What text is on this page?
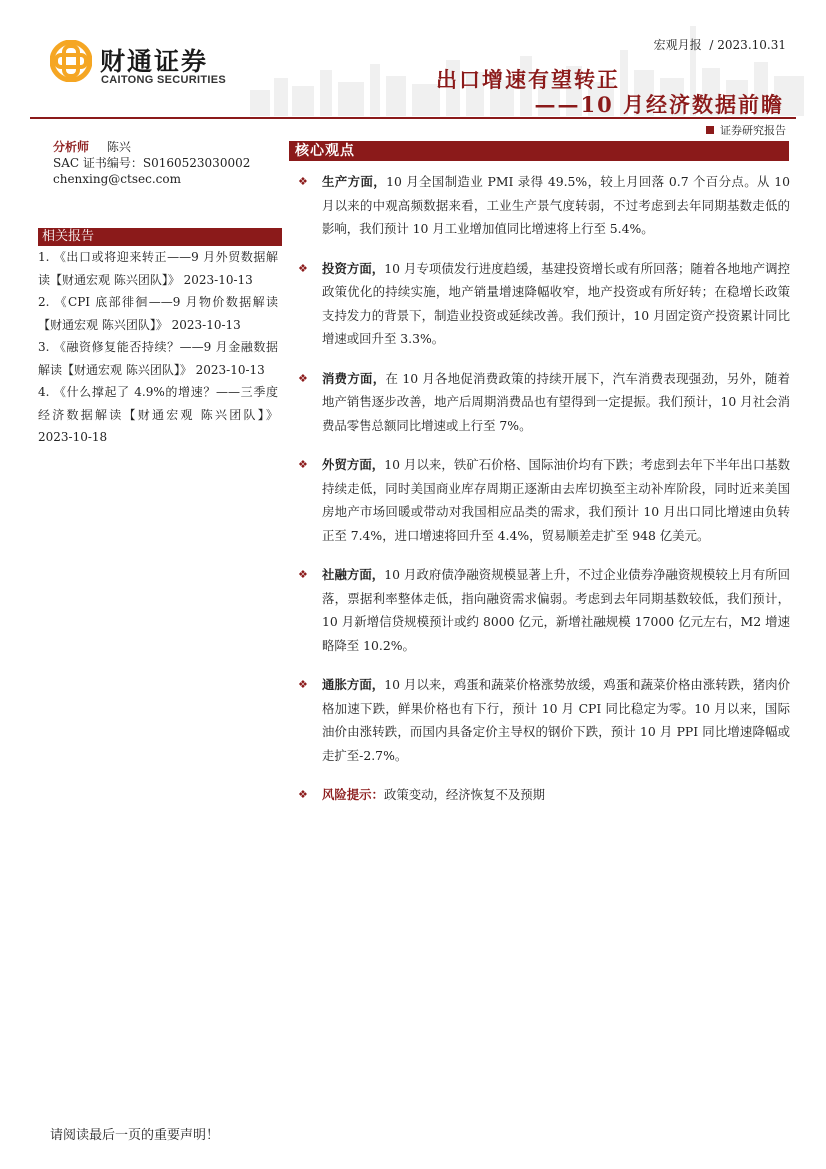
财通证券
CAITONG SECURITIES
宏观月报 / 2023.10.31
出口增速有望转正
——10 月经济数据前瞻
证券研究报告
分析师 陈兴
SAC 证书编号：S0160523030002
chenxing@ctsec.com
相关报告

1. 《出口或将迎来转正——9 月外贸数据解读【财通宏观 陈兴团队】》 2023-10-13

2. 《CPI 底部徘徊——9 月物价数据解读【财通宏观 陈兴团队】》 2023-10-13

3. 《融资修复能否持续？——9 月金融数据解读【财通宏观 陈兴团队】》 2023-10-13

4. 《什么撑起了 4.9%的增速？——三季度经济数据解读【财通宏观 陈兴团队】》 2023-10-18

核心观点
❖ 生产方面，10 月全国制造业 PMI 录得 49.5%，较上月回落 0.7 个百分点。从 10 月以来的中观高频数据来看，工业生产景气度转弱，不过考虑到去年同期基数走低的影响，我们预计 10 月工业增加值同比增速将上行至 5.4%。
❖ 投资方面，10 月专项债发行进度趋缓，基建投资增长或有所回落；随着各地地产调控政策优化的持续实施，地产销量增速降幅收窄，地产投资或有所好转；在稳增长政策支持发力的背景下，制造业投资或延续改善。我们预计，10 月固定资产投资累计同比增速或回升至 3.3%。
❖ 消费方面，在 10 月各地促消费政策的持续开展下，汽车消费表现强劲，另外，随着地产销售逐步改善，地产后周期消费品也有望得到一定提振。我们预计，10 月社会消费品零售总额同比增速或上行至 7%。
❖ 外贸方面，10 月以来，铁矿石价格、国际油价均有下跌；考虑到去年下半年出口基数持续走低，同时美国商业库存周期正逐渐由去库切换至主动补库阶段，同时近来美国房地产市场回暖或带动对我国相应品类的需求，我们预计 10 月出口同比增速由负转正至 7.4%，进口增速将回升至 4.4%，贸易顺差走扩至 948 亿美元。
❖ 社融方面，10 月政府债净融资规模显著上升，不过企业债券净融资规模较上月有所回落，票据利率整体走低，指向融资需求偏弱。考虑到去年同期基数较低，我们预计，10 月新增信贷规模预计或约 8000 亿元，新增社融规模 17000 亿元左右，M2 增速略降至 10.2%。
❖ 通胀方面，10 月以来，鸡蛋和蔬菜价格涨势放缓，鸡蛋和蔬菜价格由涨转跌，猪肉价格加速下跌，鲜果价格也有下行，预计 10 月 CPI 同比稳定为零。10 月以来，国际油价由涨转跌，而国内具备定价主导权的钢价下跌，预计 10 月 PPI 同比增速降幅或走扩至-2.7%。
❖ 风险提示：政策变动，经济恢复不及预期
请阅读最后一页的重要声明！
